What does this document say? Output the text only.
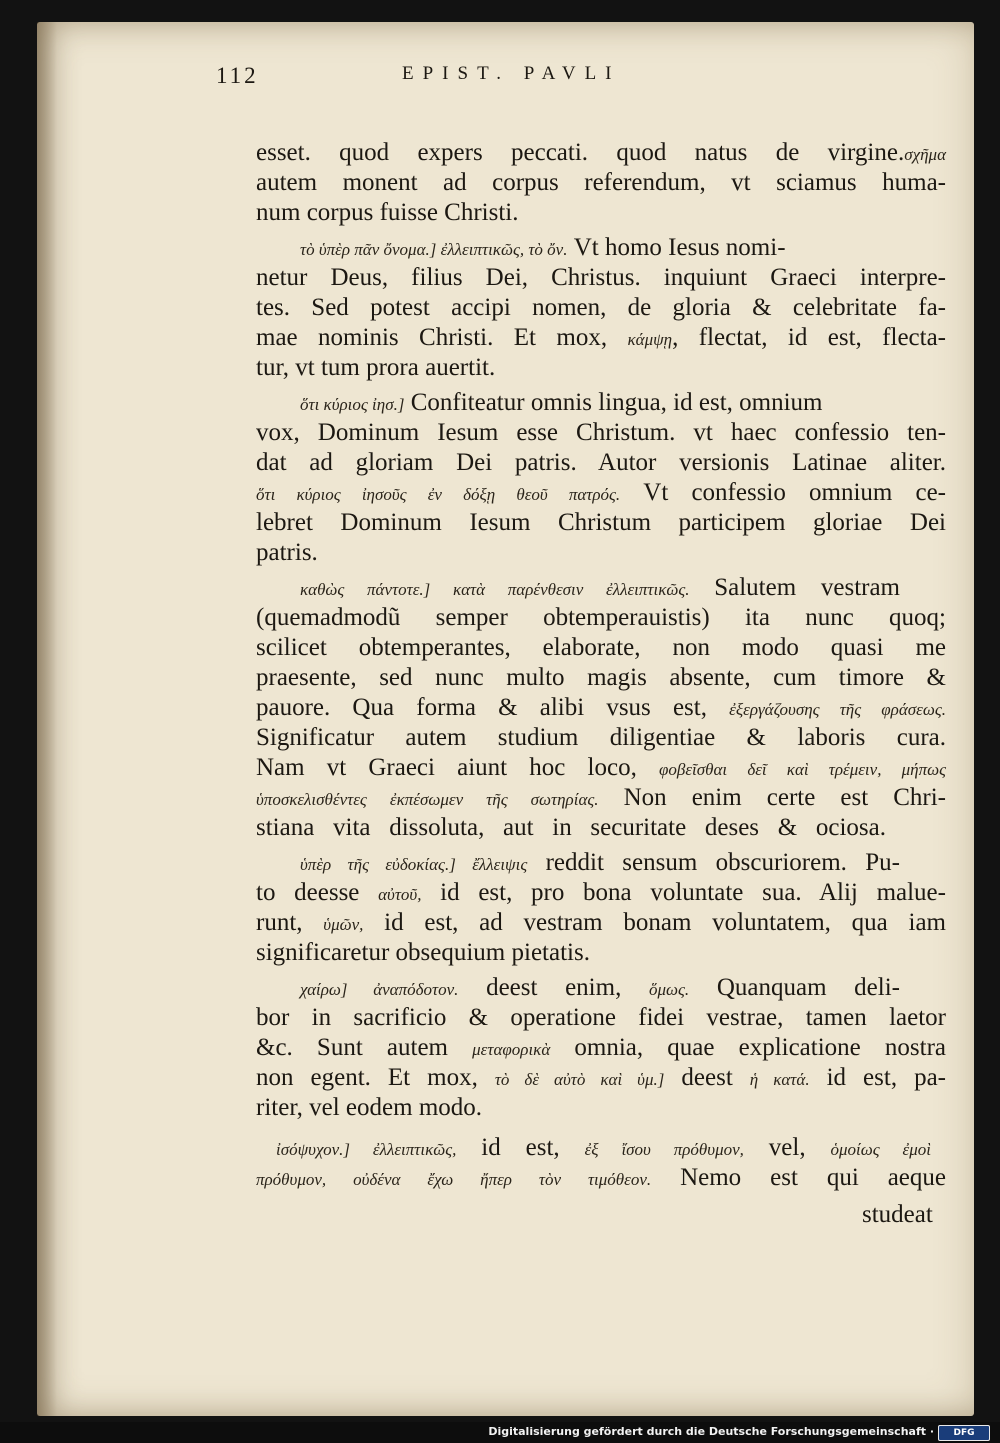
112	EPIST. PAVLI
esset. quod expers peccati. quod natus de virgine.σχῆμα
autem monent ad corpus referendum, vt sciamus huma-
num corpus fuisse Christi.
τὸ ὑπὲρ πᾶν ὄνομα.] ἐλλειπτικῶς, τὸ ὄν. Vt homo Iesus nomi-
netur Deus, filius Dei, Christus. inquiunt Graeci interpre-
tes. Sed potest accipi nomen, de gloria & celebritate fa-
mae nominis Christi. Et mox, κάμψῃ, flectat, id est, flecta-
tur, vt tum prora auertit.
ὅτι κύριος ἰησ.] Confiteatur omnis lingua, id est, omnium
vox, Dominum Iesum esse Christum. vt haec confessio ten-
dat ad gloriam Dei patris. Autor versionis Latinae aliter.
ὅτι κύριος ἰησοῦς ἐν δόξῃ θεοῦ πατρός. Vt confessio omnium ce-
lebret Dominum Iesum Christum participem gloriae Dei
patris.
καθὼς πάντοτε.] κατὰ παρένθεσιν ἐλλειπτικῶς. Salutem vestram
(quemadmodũ semper obtemperauistis) ita nunc quoq;
scilicet obtemperantes, elaborate, non modo quasi me
praesente, sed nunc multo magis absente, cum timore &
pauore. Qua forma & alibi vsus est, ἐξεργάζουσης τῆς φράσεως.
Significatur autem studium diligentiae & laboris cura.
Nam vt Graeci aiunt hoc loco, φοβεῖσθαι δεῖ καὶ τρέμειν, μήπως
ὑποσκελισθέντες ἐκπέσωμεν τῆς σωτηρίας. Non enim certe est Chri-
stiana vita dissoluta, aut in securitate deses & ociosa.
ὑπὲρ τῆς εὐδοκίας.] ἔλλειψις reddit sensum obscuriorem. Pu-
to deesse αὐτοῦ, id est, pro bona voluntate sua. Alij malue-
runt, ὑμῶν, id est, ad vestram bonam voluntatem, qua iam
significaretur obsequium pietatis.
χαίρω] ἀναπόδοτον. deest enim, ὅμως. Quanquam deli-
bor in sacrificio & operatione fidei vestrae, tamen laetor
&c. Sunt autem μεταφορικὰ omnia, quae explicatione nostra
non egent. Et mox, τὸ δὲ αὐτὸ καὶ ὑμ.] deest ἡ κατά. id est, pa-
riter, vel eodem modo.
ἰσόψυχον.] ἐλλειπτικῶς, id est, ἐξ ἴσου πρόθυμον, vel, ὁμοίως ἐμοὶ
πρόθυμον, οὐδένα ἔχω ἤπερ τὸν τιμόθεον. Nemo est qui aeque
studeat
Digitalisierung gefördert durch die Deutsche Forschungsgemeinschaft ·	DFG
